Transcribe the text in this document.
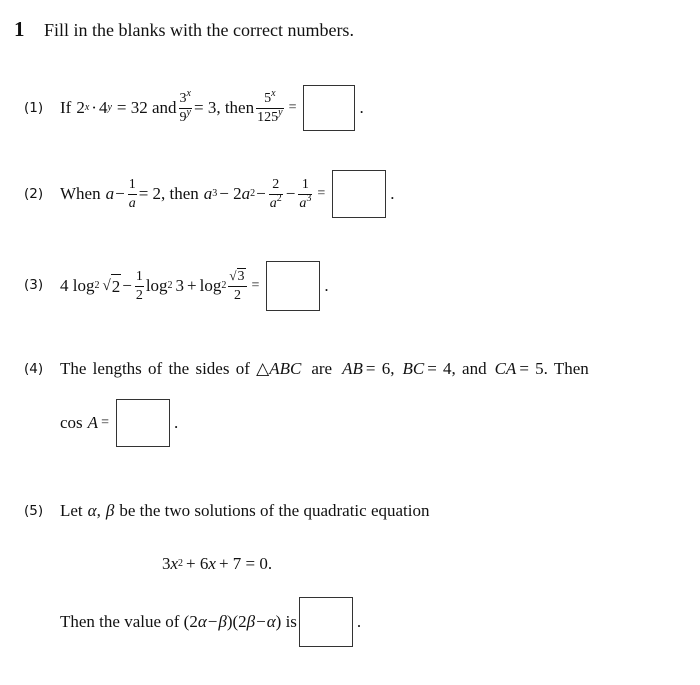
1 Fill in the blanks with the correct numbers.
(1) If 2 x · 4 y = 32 and $\frac{3^x}{9^y} = 3$, then $\frac{5^x}{125^y}$ =	.
(2) When $a - \frac{1}{a} = 2$, then a 3 − 2 a $2 - \frac{2}{a^2} - \frac{1}{a^3}$ =	.
(3) 4 log 2 √ $2 - \frac{1}{2}$ log 2 $3 + \log 2 \frac{√ 3}{2}$ =	.
(4) The lengths of the sides of △ ABC are AB = 6, BC = 4, and CA = 5. Then
cos A =	.
(5) Let α , β be the two solutions of the quadratic equation
3 x 2 + 6 x + 7 = 0.
Then the value of (2 α − β )(2 β − α ) is	.
